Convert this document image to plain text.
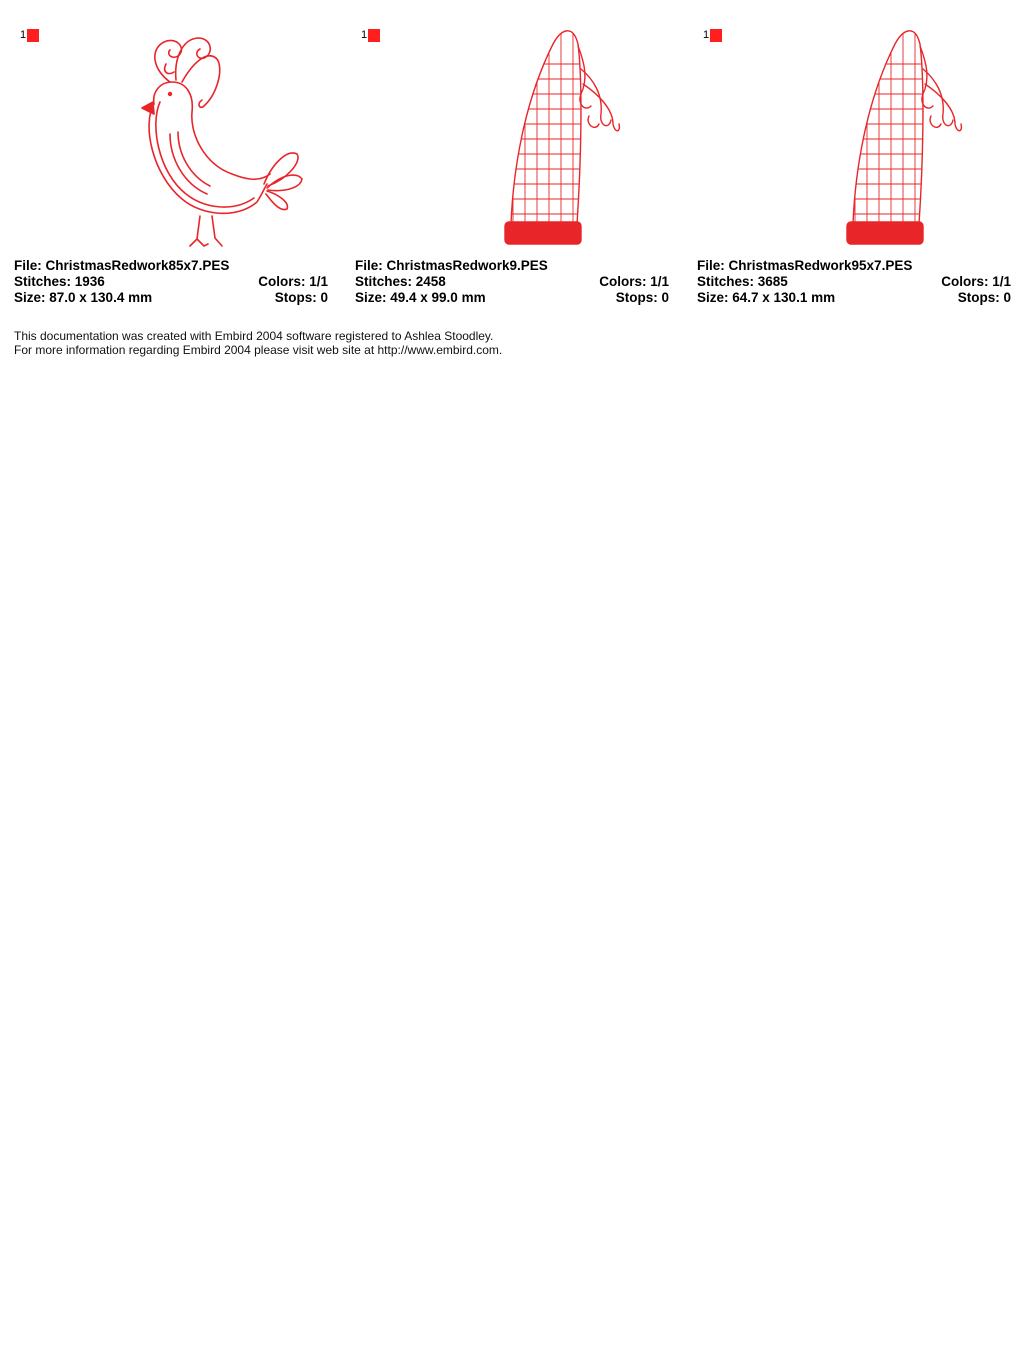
1
File: ChristmasRedwork85x7.PES
Stitches: 1936	Colors: 1/1
Size: 87.0 x 130.4 mm	Stops: 0
1
File: ChristmasRedwork9.PES
Stitches: 2458	Colors: 1/1
Size: 49.4 x 99.0 mm	Stops: 0
1
File: ChristmasRedwork95x7.PES
Stitches: 3685	Colors: 1/1
Size: 64.7 x 130.1 mm	Stops: 0
This documentation was created with Embird 2004 software registered to Ashlea Stoodley.
For more information regarding Embird 2004 please visit web site at http://www.embird.com.
